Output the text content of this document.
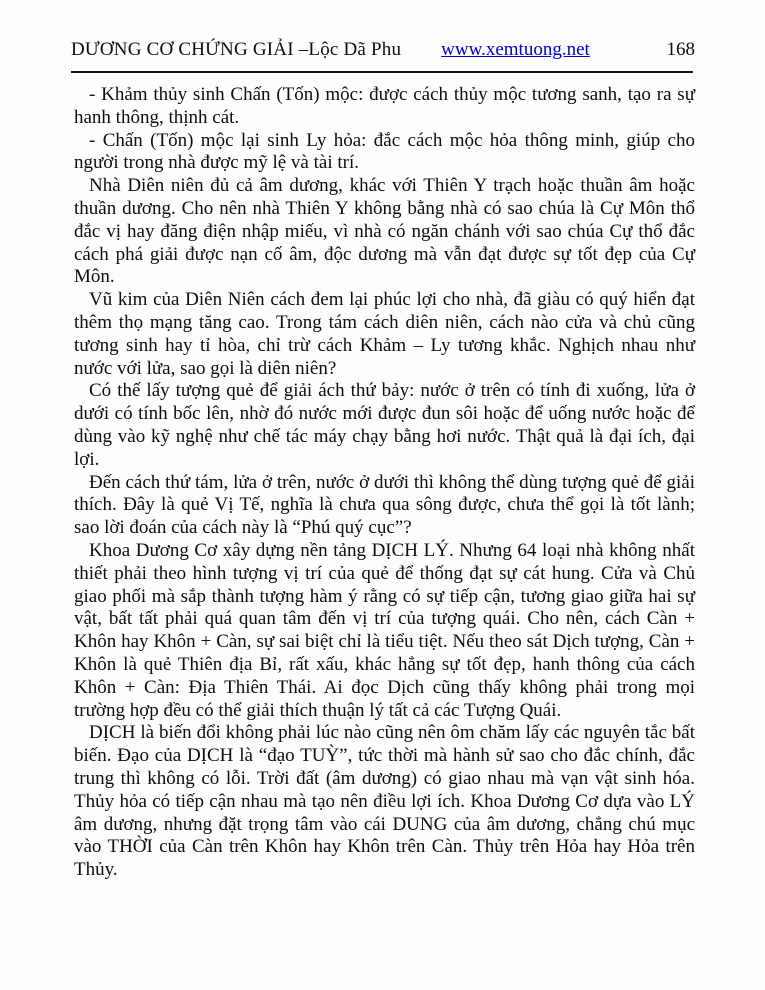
DƯƠNG CƠ CHỨNG GIẢI –Lộc Dã Phu www.xemtuong.net	168

- Khảm thủy sinh Chấn (Tốn) mộc: được cách thủy mộc tương sanh, tạo ra sự hanh thông, thịnh cát.

- Chấn (Tốn) mộc lại sinh Ly hỏa: đắc cách mộc hỏa thông minh, giúp cho người trong nhà được mỹ lệ và tài trí.

Nhà Diên niên đủ cả âm dương, khác với Thiên Y trạch hoặc thuần âm hoặc thuần dương. Cho nên nhà Thiên Y không bằng nhà có sao chúa là Cự Môn thổ đắc vị hay đăng điện nhập miếu, vì nhà có ngăn chánh với sao chúa Cự thổ đắc cách phá giải được nạn cố âm, độc dương mà vẫn đạt được sự tốt đẹp của Cự Môn.

Vũ kim của Diên Niên cách đem lại phúc lợi cho nhà, đã giàu có quý hiển đạt thêm thọ mạng tăng cao. Trong tám cách diên niên, cách nào cửa và chủ cũng tương sinh hay tỉ hòa, chỉ trừ cách Khảm – Ly tương khắc. Nghịch nhau như nước với lửa, sao gọi là diên niên?

Có thế lấy tượng quẻ để giải ách thứ bảy: nước ở trên có tính đi xuống, lửa ở dưới có tính bốc lên, nhờ đó nước mới được đun sôi hoặc để uống nước hoặc để dùng vào kỹ nghệ như chế tác máy chạy bằng hơi nước. Thật quả là đại ích, đại lợi.

Đến cách thứ tám, lửa ở trên, nước ở dưới thì không thể dùng tượng quẻ để giải thích. Đây là quẻ Vị Tế, nghĩa là chưa qua sông được, chưa thể gọi là tốt lành; sao lời đoán của cách này là “Phú quý cục”?

Khoa Dương Cơ xây dựng nền tảng DỊCH LÝ. Nhưng 64 loại nhà không nhất thiết phải theo hình tượng vị trí của quẻ để thống đạt sự cát hung. Cửa và Chủ giao phối mà sắp thành tượng hàm ý rằng có sự tiếp cận, tương giao giữa hai sự vật, bất tất phải quá quan tâm đến vị trí của tượng quái. Cho nên, cách Càn + Khôn hay Khôn + Càn, sự sai biệt chỉ là tiểu tiệt. Nếu theo sát Dịch tượng, Càn + Khôn là quẻ Thiên địa Bỉ, rất xấu, khác hẳng sự tốt đẹp, hanh thông của cách Khôn + Càn: Địa Thiên Thái. Ai đọc Dịch cũng thấy không phải trong mọi trường hợp đều có thể giải thích thuận lý tất cả các Tượng Quái.

DỊCH là biến đổi không phải lúc nào cũng nên ôm chăm lấy các nguyên tắc bất biến. Đạo của DỊCH là “đạo TUỲ”, tức thời mà hành sử sao cho đắc chính, đắc trung thì không có lỗi. Trời đất (âm dương) có giao nhau mà vạn vật sinh hóa. Thủy hỏa có tiếp cận nhau mà tạo nên điều lợi ích. Khoa Dương Cơ dựa vào LÝ âm dương, nhưng đặt trọng tâm vào cái DUNG của âm dương, chẳng chú mục vào THỜI của Càn trên Khôn hay Khôn trên Càn. Thủy trên Hỏa hay Hỏa trên Thủy.
